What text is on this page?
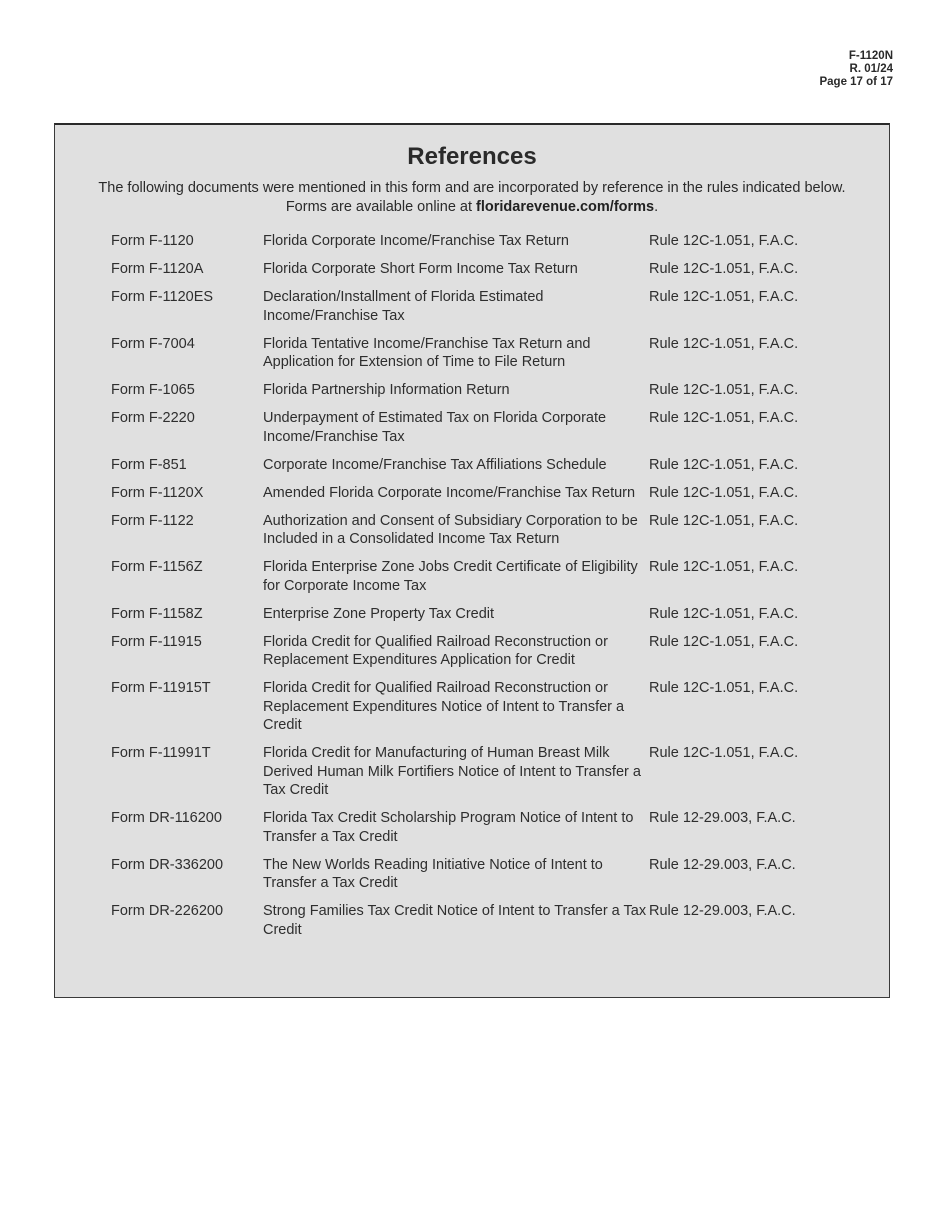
F-1120N
R. 01/24
Page 17 of 17
References
The following documents were mentioned in this form and are incorporated by reference in the rules indicated below.
Forms are available online at floridarevenue.com/forms.
Form F-1120	Florida Corporate Income/Franchise Tax Return	Rule 12C-1.051, F.A.C.
Form F-1120A	Florida Corporate Short Form Income Tax Return	Rule 12C-1.051, F.A.C.
Form F-1120ES	Declaration/Installment of Florida Estimated Income/Franchise Tax
Rule 12C-1.051, F.A.C.
Form F-7004	Florida Tentative Income/Franchise Tax Return and Application for Extension of Time to File Return
Rule 12C-1.051, F.A.C.
Form F-1065	Florida Partnership Information Return	Rule 12C-1.051, F.A.C.
Form F-2220	Underpayment of Estimated Tax on Florida Corporate Income/Franchise Tax
Rule 12C-1.051, F.A.C.
Form F-851	Corporate Income/Franchise Tax Affiliations Schedule	Rule 12C-1.051, F.A.C.
Form F-1120X	Amended Florida Corporate Income/Franchise Tax Return Rule 12C-1.051, F.A.C.
Form F-1122	Authorization and Consent of Subsidiary Corporation to be Included in a Consolidated Income Tax Return
Rule 12C-1.051, F.A.C.
Form F-1156Z	Florida Enterprise Zone Jobs Credit Certificate of Eligibility for Corporate Income Tax
Rule 12C-1.051, F.A.C.
Form F-1158Z	Enterprise Zone Property Tax Credit	Rule 12C-1.051, F.A.C.
Form F-11915	Florida Credit for Qualified Railroad Reconstruction or Replacement Expenditures Application for Credit
Rule 12C-1.051, F.A.C.
Form F-11915T	Florida Credit for Qualified Railroad Reconstruction or Replacement Expenditures Notice of Intent to Transfer a Credit
Rule 12C-1.051, F.A.C.
Form F-11991T	Florida Credit for Manufacturing of Human Breast Milk Derived Human Milk Fortifiers Notice of Intent to Transfer a Tax Credit
Rule 12C-1.051, F.A.C.
Form DR-116200	Florida Tax Credit Scholarship Program Notice of Intent to Transfer a Tax Credit
Rule 12-29.003, F.A.C.
Form DR-336200	The New Worlds Reading Initiative Notice of Intent to Transfer a Tax Credit
Rule 12-29.003, F.A.C.
Form DR-226200	Strong Families Tax Credit Notice of Intent to Transfer a Tax Credit
Rule 12-29.003, F.A.C.
